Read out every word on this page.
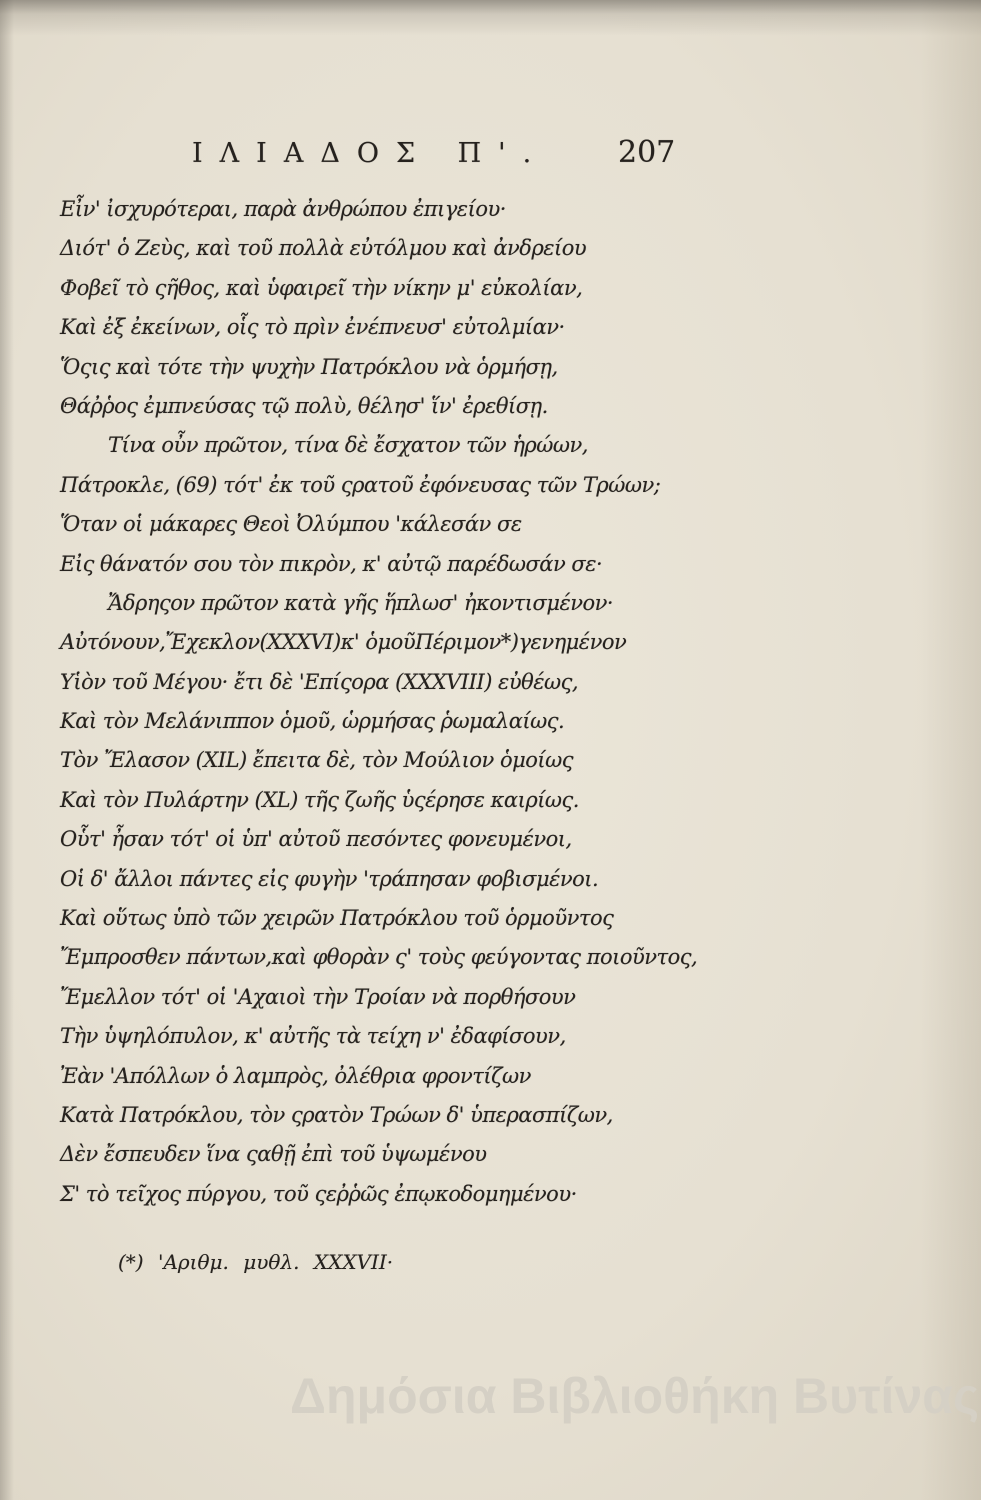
ΙΛΙΑΔΟΣ Π'. 207
Εἶν' ἰσχυρότεραι, παρὰ ἀνθρώπου ἐπιγείου·
Διότ' ὁ Ζεὺς, καὶ τοῦ πολλὰ εὐτόλμου καὶ ἀνδρείου
Φοβεῖ τὸ ςῆθος, καὶ ὑφαιρεῖ τὴν νίκην μ' εὐκολίαν,
Καὶ ἐξ ἐκείνων, οἷς τὸ πρὶν ἐνέπνευσ' εὐτολμίαν·
Ὅςις καὶ τότε τὴν ψυχὴν Πατρόκλου νὰ ὁρμήσῃ,
Θάῤῥος ἐμπνεύσας τῷ πολὺ, θέλησ' ἵν' ἐρεθίσῃ.
Τίνα οὖν πρῶτον, τίνα δὲ ἔσχατον τῶν ἡρώων,
Πάτροκλε, (69) τότ' ἐκ τοῦ ςρατοῦ ἐφόνευσας τῶν Τρώων;
Ὅταν οἱ μάκαρες Θεοὶ Ὀλύμπου 'κάλεσάν σε
Εἰς θάνατόν σου τὸν πικρὸν, κ' αὐτῷ παρέδωσάν σε·
Ἄδρηςον πρῶτον κατὰ γῆς ἥπλωσ' ἠκοντισμένον·
Αὐτόνουν,Ἔχεκλον(XXXVI)κ' ὁμοῦΠέριμον*)γενημένον
Υἱὸν τοῦ Μέγου· ἔτι δὲ 'Επίςορα (XXXVIII) εὐθέως,
Καὶ τὸν Μελάνιππον ὁμοῦ, ὡρμήσας ῥωμαλαίως.
Τὸν Ἔλασον (XIL) ἔπειτα δὲ, τὸν Μούλιον ὁμοίως
Καὶ τὸν Πυλάρτην (XL) τῆς ζωῆς ὑςέρησε καιρίως.
Οὗτ' ἦσαν τότ' οἱ ὑπ' αὐτοῦ πεσόντες φονευμένοι,
Οἱ δ' ἄλλοι πάντες εἰς φυγὴν 'τράπησαν φοβισμένοι.
Καὶ οὕτως ὑπὸ τῶν χειρῶν Πατρόκλου τοῦ ὁρμοῦντος
Ἔμπροσθεν πάντων,καὶ φθορὰν ς' τοὺς φεύγοντας ποιοῦντος,
Ἔμελλον τότ' οἱ 'Αχαιοὶ τὴν Τροίαν νὰ πορθήσουν
Τὴν ὑψηλόπυλον, κ' αὐτῆς τὰ τείχη ν' ἐδαφίσουν,
Ἐὰν 'Απόλλων ὁ λαμπρὸς, ὀλέθρια φροντίζων
Κατὰ Πατρόκλου, τὸν ςρατὸν Τρώων δ' ὑπερασπίζων,
Δὲν ἔσπευδεν ἵνα ςαθῇ ἐπὶ τοῦ ὑψωμένου
Σ' τὸ τεῖχος πύργου, τοῦ ςεῤῥῶς ἐπῳκοδομημένου·
(*) 'Αριθμ. μυθλ. XXXVII·
Δημόσια Βιβλιοθήκη Βυτίνας
